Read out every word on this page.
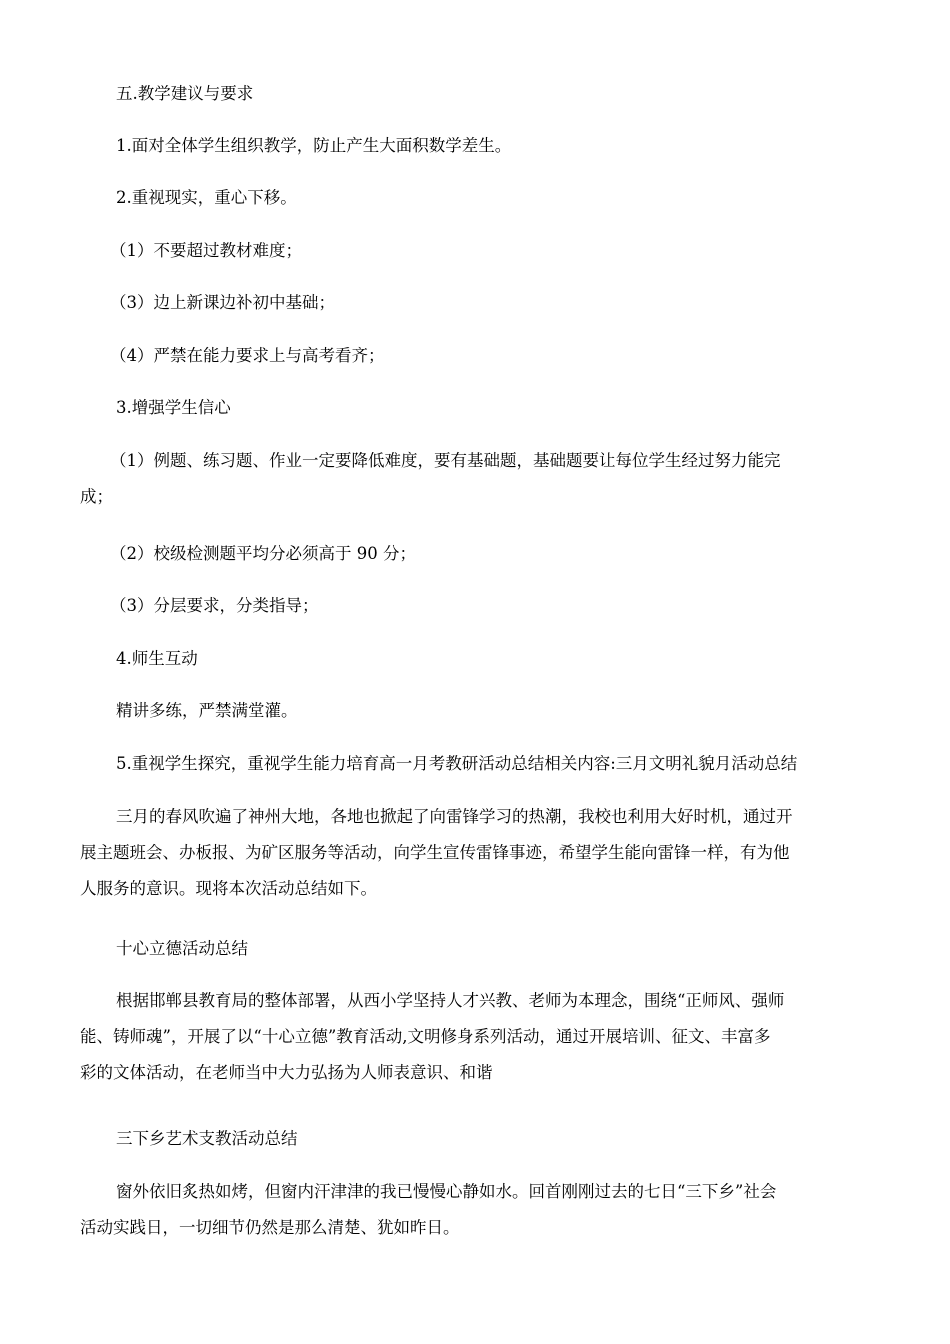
五.教学建议与要求
1.面对全体学生组织教学，防止产生大面积数学差生。
2.重视现实，重心下移。
（1）不要超过教材难度；
（3）边上新课边补初中基础；
（4）严禁在能力要求上与高考看齐；
3.增强学生信心
（1）例题、练习题、作业一定要降低难度，要有基础题，基础题要让每位学生经过努力能完
成；
（2）校级检测题平均分必须高于 90 分；
（3）分层要求，分类指导；
4.师生互动
精讲多练，严禁满堂灌。
5.重视学生探究，重视学生能力培育高一月考教研活动总结相关内容:三月文明礼貌月活动总结
三月的春风吹遍了神州大地，各地也掀起了向雷锋学习的热潮，我校也利用大好时机，通过开
展主题班会、办板报、为矿区服务等活动，向学生宣传雷锋事迹，希望学生能向雷锋一样，有为他
人服务的意识。现将本次活动总结如下。
十心立德活动总结
根据邯郸县教育局的整体部署，从西小学坚持人才兴教、老师为本理念，围绕“正师风、强师
能、铸师魂”，开展了以“十心立德”教育活动,文明修身系列活动，通过开展培训、征文、丰富多
彩的文体活动，在老师当中大力弘扬为人师表意识、和谐
三下乡艺术支教活动总结
窗外依旧炙热如烤，但窗内汗津津的我已慢慢心静如水。回首刚刚过去的七日“三下乡”社会
活动实践日，一切细节仍然是那么清楚、犹如昨日。
